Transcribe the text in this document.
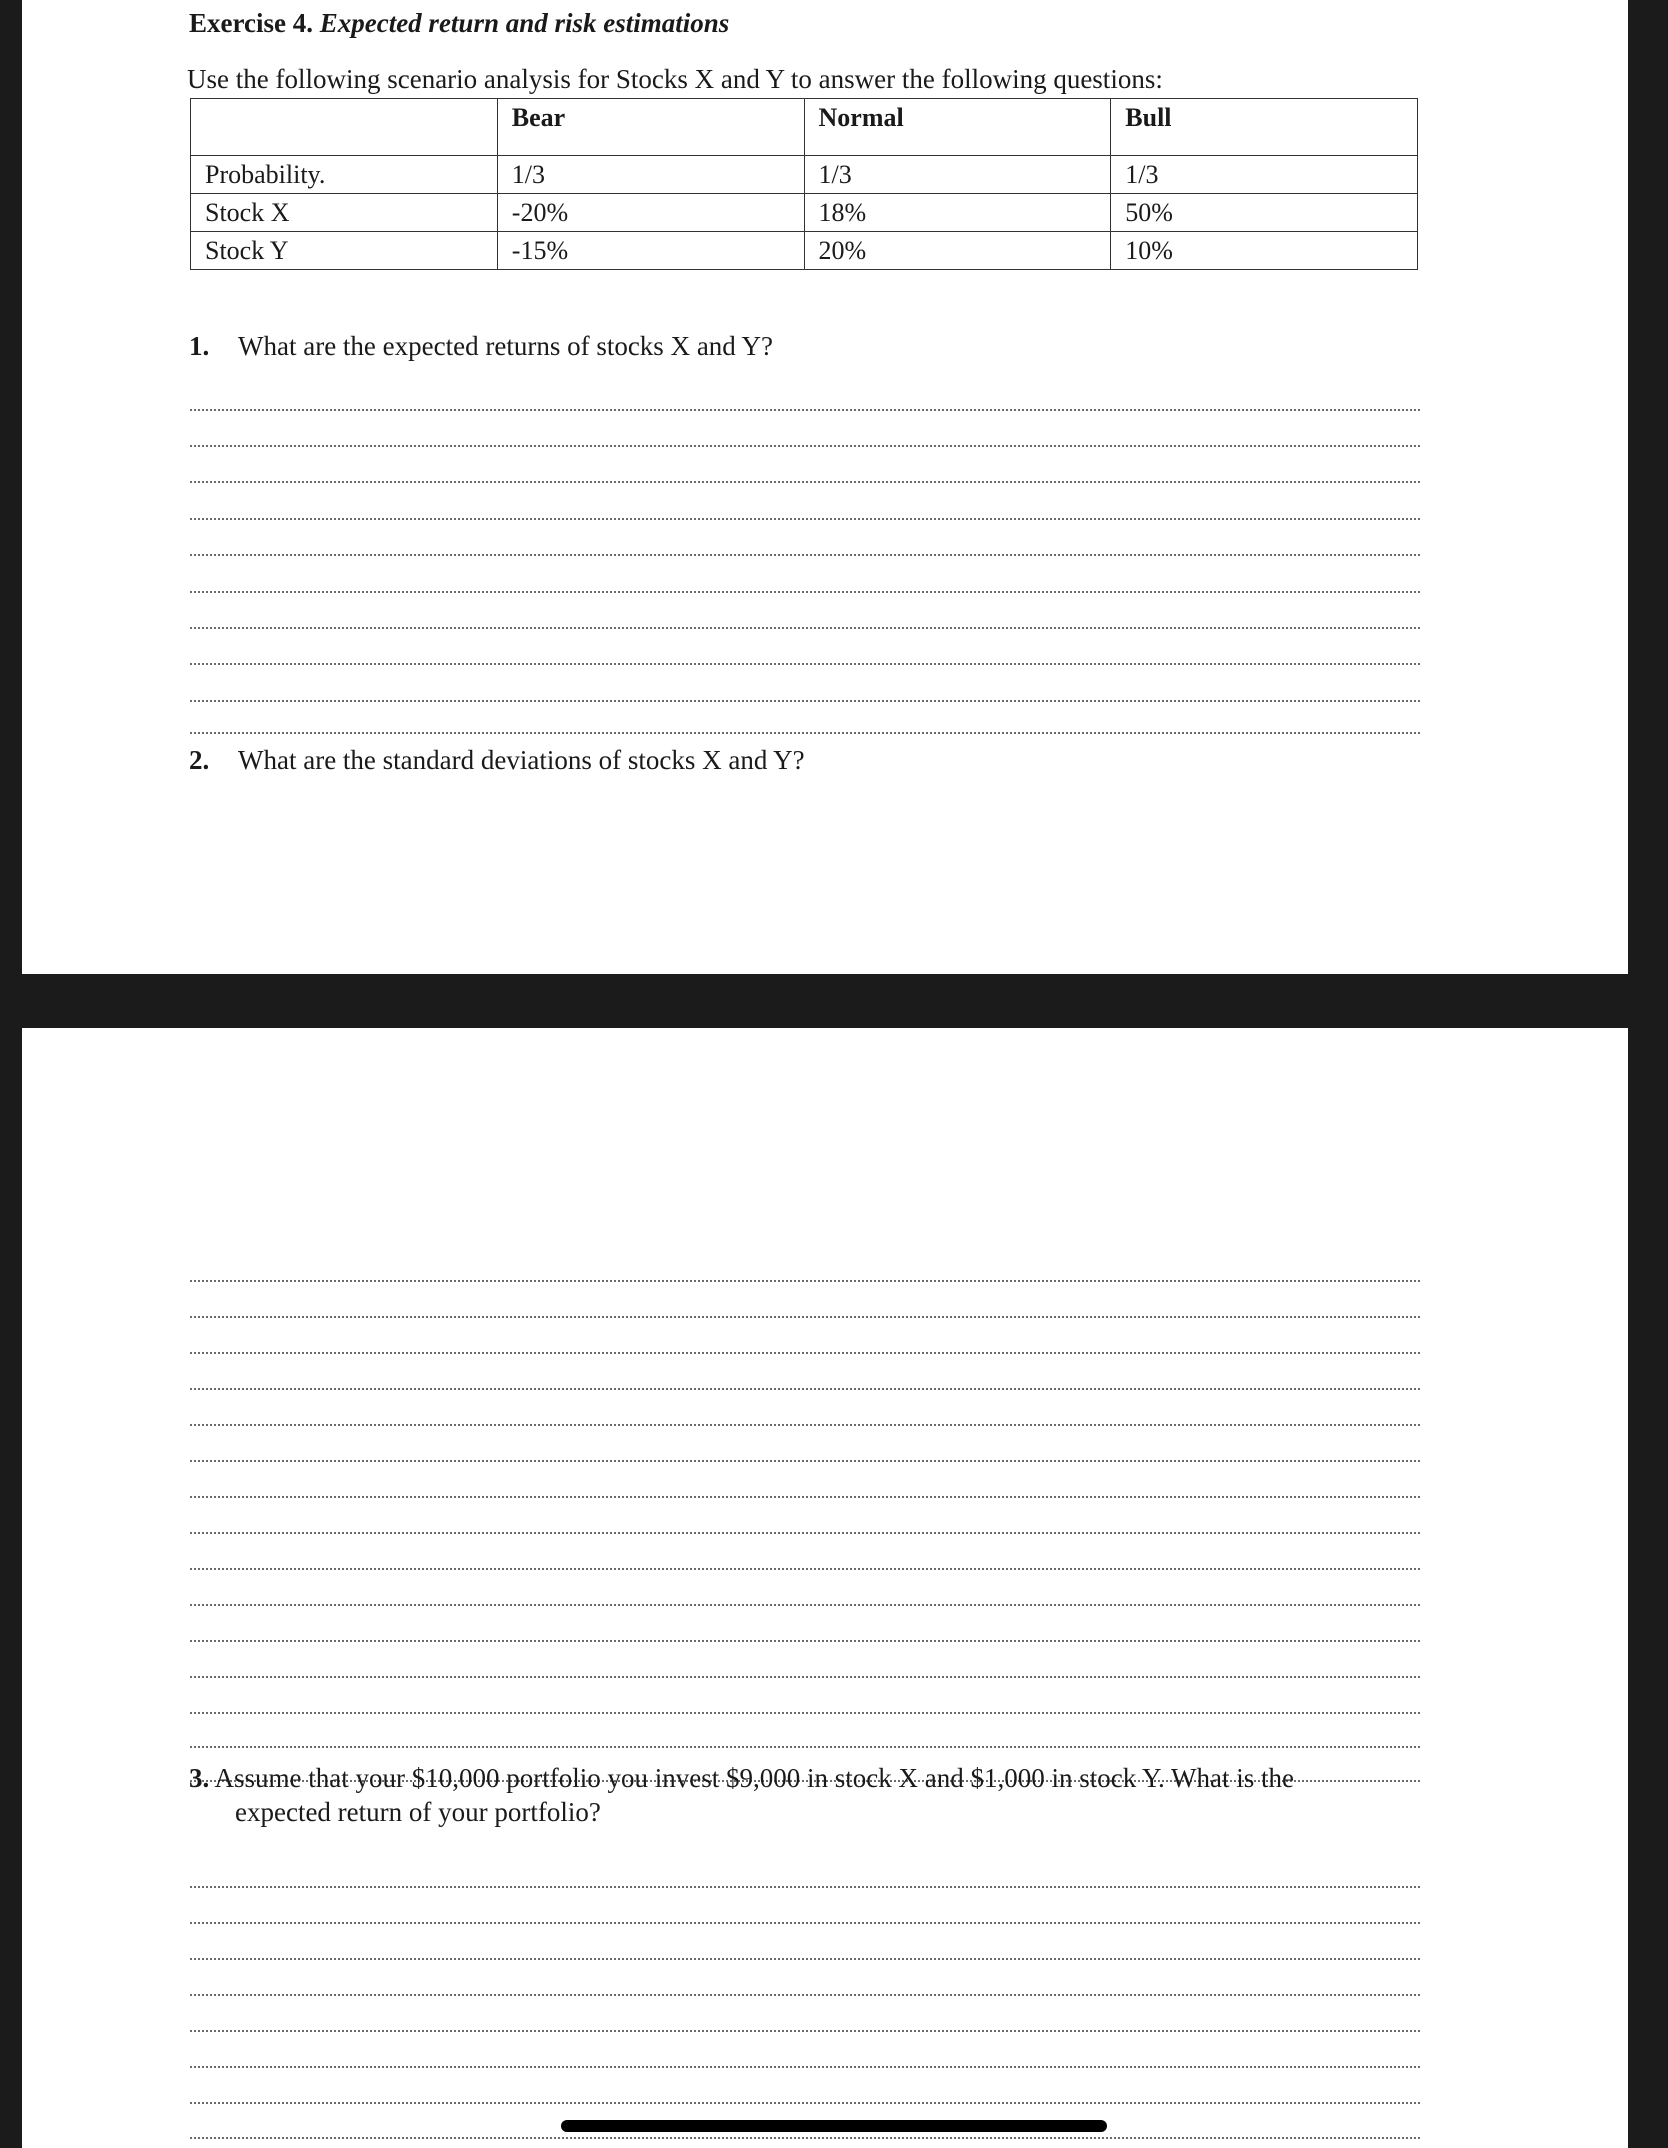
Exercise 4. Expected return and risk estimations
Use the following scenario analysis for Stocks X and Y to answer the following questions:
	Bear	Normal	Bull
Probability.	1/3	1/3	1/3
Stock X	-20%	18%	50%
Stock Y	-15%	20%	10%
1. What are the expected returns of stocks X and Y?
2. What are the standard deviations of stocks X and Y?
3. Assume that your $10,000 portfolio you invest $9,000 in stock X and $1,000 in stock Y. What is the
expected return of your portfolio?
